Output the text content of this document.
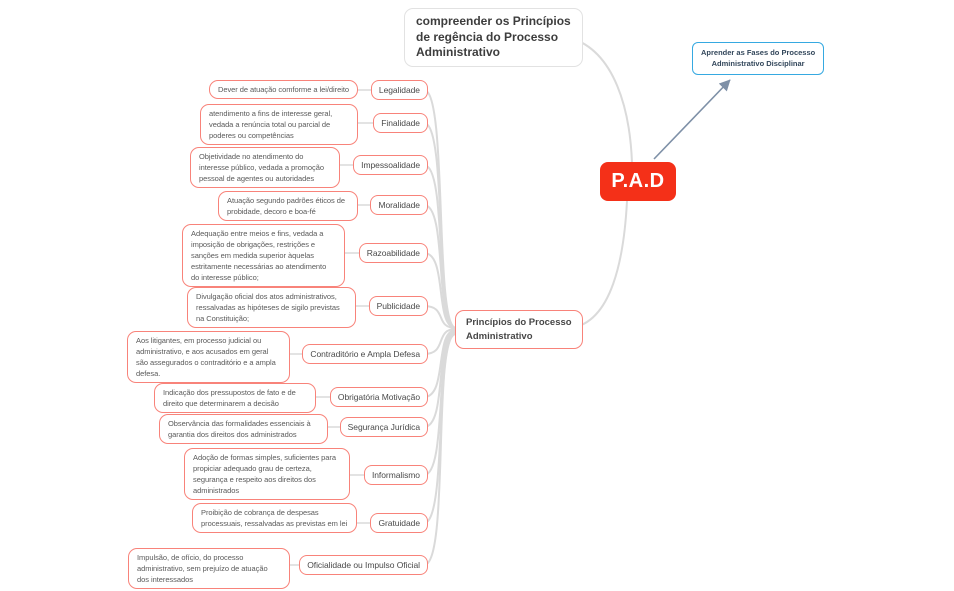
compreender os Princípios
de regência do Processo
Administrativo	Aprender as Fases do Processo
Administrativo Disciplinar
P.A.D
Princípios do Processo
Administrativo
Dever de atuação comforme a lei/direito	Legalidade
atendimento a fins de interesse geral, vedada a renúncia total ou parcial de poderes ou competências
Finalidade
Objetividade no atendimento do interesse público, vedada a promoção pessoal de agentes ou autoridades
Impessoalidade
Atuação segundo padrões éticos de probidade, decoro e boa-fé
Moralidade
Adequação entre meios e fins, vedada a imposição de obrigações, restrições e sanções em medida superior àquelas estritamente necessárias ao atendimento do interesse público;
Razoabilidade
Divulgação oficial dos atos administrativos, ressalvadas as hipóteses de sigilo previstas na Constituição;
Publicidade
Aos litigantes, em processo judicial ou administrativo, e aos acusados em geral são assegurados o contraditório e a ampla defesa.
Contraditório e Ampla Defesa
Indicação dos pressupostos de fato e de direito que determinarem a decisão
Obrigatória Motivação
Observância das formalidades essenciais à garantia dos direitos dos administrados
Segurança Jurídica
Adoção de formas simples, suficientes para propiciar adequado grau de certeza, segurança e respeito aos direitos dos administrados
Informalismo
Proibição de cobrança de despesas processuais, ressalvadas as previstas em lei	Gratuidade
Impulsão, de ofício, do processo administrativo, sem prejuízo de atuação dos interessados
Oficialidade ou Impulso Oficial
